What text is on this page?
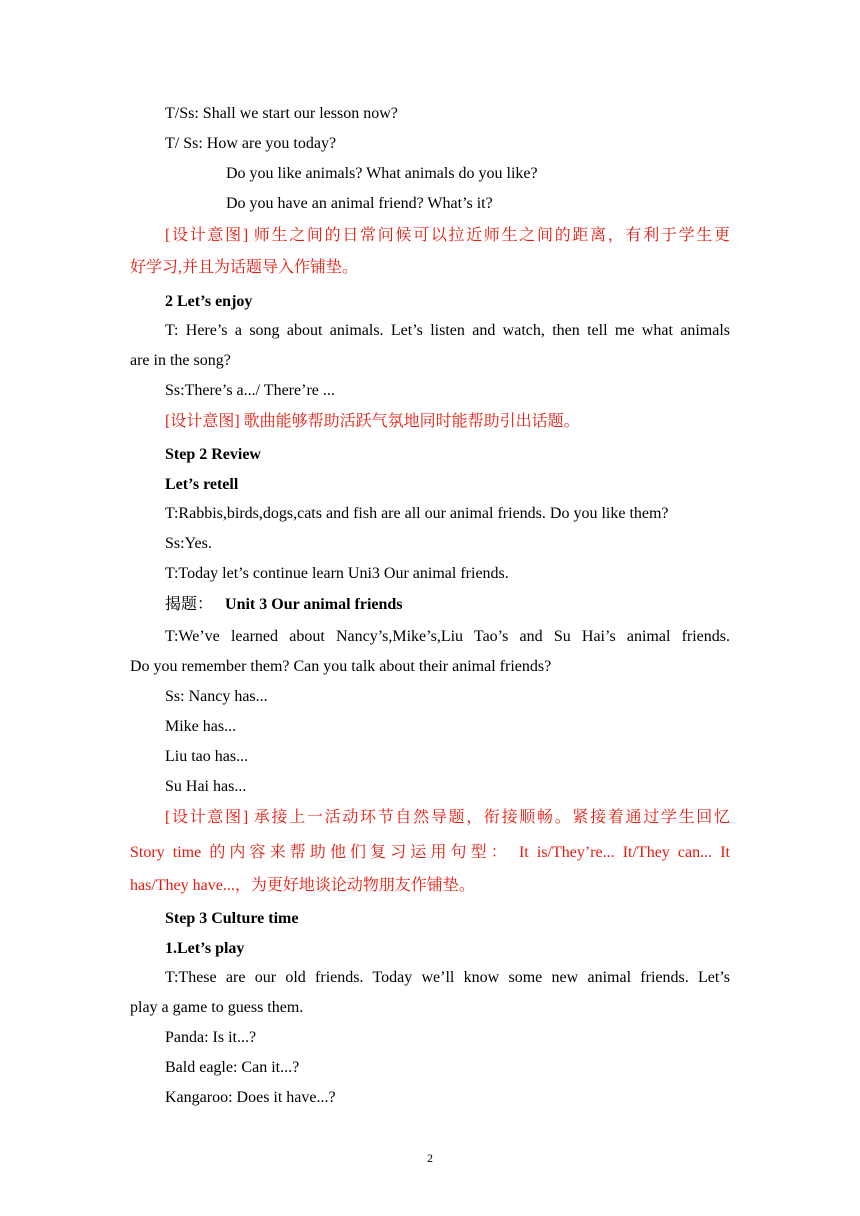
T/Ss: Shall we start our lesson now?
T/ Ss: How are you today?
Do you like animals? What animals do you like?
Do you have an animal friend? What’s it?
[设计意图] 师生之间的日常问候可以拉近师生之间的距离，有利于学生更
好学习,并且为话题导入作铺垫。
2 Let’s enjoy
T: Here’s a song about animals. Let’s listen and watch, then tell me what animals
are in the song?
Ss:There’s a.../ There’re ...
[设计意图] 歌曲能够帮助活跃气氛地同时能帮助引出话题。
Step 2 Review
Let’s retell
T:Rabbis,birds,dogs,cats and fish are all our animal friends. Do you like them?
Ss:Yes.
T:Today let’s continue learn Uni3 Our animal friends.
揭题： Unit 3 Our animal friends
T:We’ve learned about Nancy’s,Mike’s,Liu Tao’s and Su Hai’s animal friends.
Do you remember them? Can you talk about their animal friends?
Ss: Nancy has...
Mike has...
Liu tao has...
Su Hai has...
[设计意图] 承接上一活动环节自然导题，衔接顺畅。紧接着通过学生回忆
Story time 的内容来帮助他们复习运用句型： It is/They’re... It/They can... It
has/They have...，为更好地谈论动物朋友作铺垫。
Step 3 Culture time
1.Let’s play
T:These are our old friends. Today we’ll know some new animal friends. Let’s
play a game to guess them.
Panda: Is it...?
Bald eagle: Can it...?
Kangaroo: Does it have...?
2
